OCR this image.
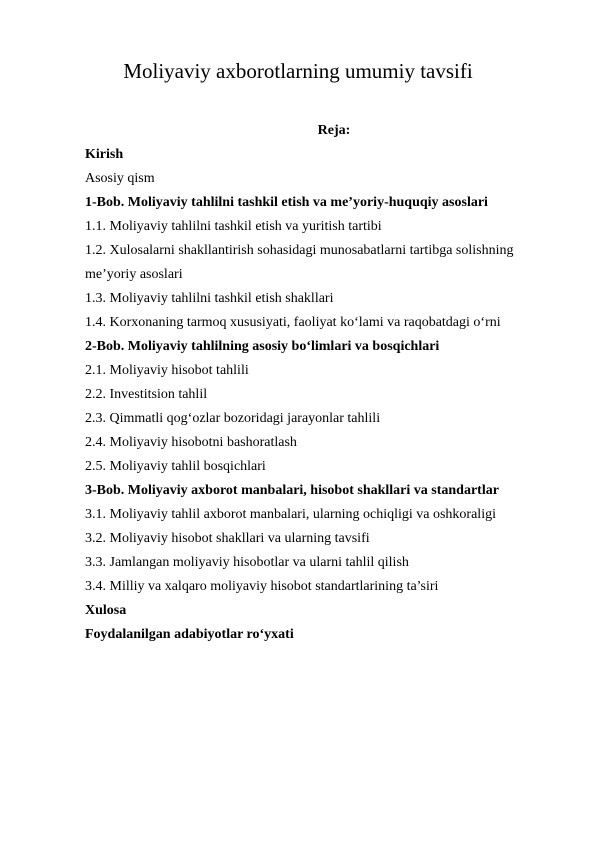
Moliyaviy axborotlarning umumiy tavsifi
Reja:
Kirish
Asosiy qism
1-Bob. Moliyaviy tahlilni tashkil etish va me’yoriy-huquqiy asoslari
1.1. Moliyaviy tahlilni tashkil etish va yuritish tartibi
1.2. Xulosalarni shakllantirish sohasidagi munosabatlarni tartibga solishning
me’yoriy asoslari
1.3. Moliyaviy tahlilni tashkil etish shakllari
1.4. Korxonaning tarmoq xususiyati, faoliyat ko‘lami va raqobatdagi o‘rni
2-Bob. Moliyaviy tahlilning asosiy bo‘limlari va bosqichlari
2.1. Moliyaviy hisobot tahlili
2.2. Investitsion tahlil
2.3. Qimmatli qog‘ozlar bozoridagi jarayonlar tahlili
2.4. Moliyaviy hisobotni bashoratlash
2.5. Moliyaviy tahlil bosqichlari
3-Bob. Moliyaviy axborot manbalari, hisobot shakllari va standartlar
3.1. Moliyaviy tahlil axborot manbalari, ularning ochiqligi va oshkoraligi
3.2. Moliyaviy hisobot shakllari va ularning tavsifi
3.3. Jamlangan moliyaviy hisobotlar va ularni tahlil qilish
3.4. Milliy va xalqaro moliyaviy hisobot standartlarining ta’siri
Xulosa
Foydalanilgan adabiyotlar ro‘yxati
